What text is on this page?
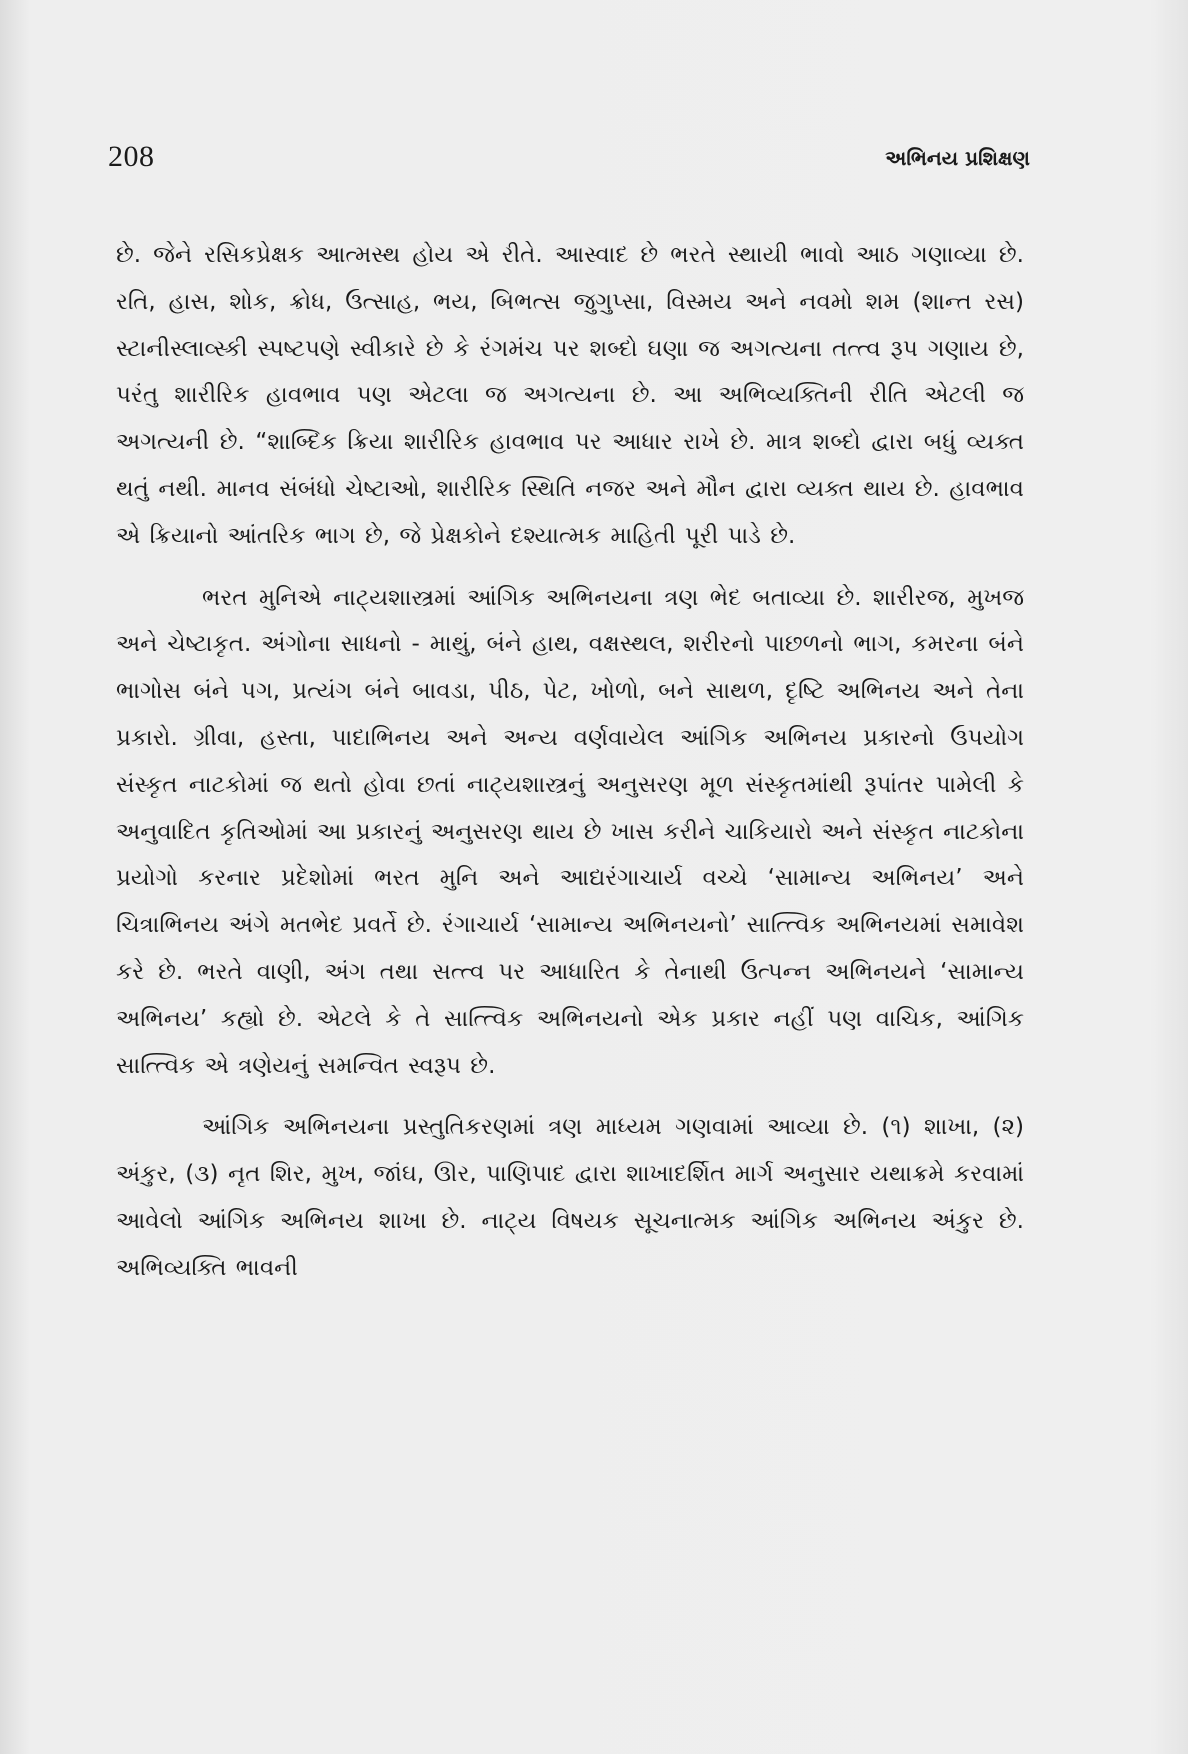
208	અભિનય પ્રશિક્ષણ

છે. જેને રસિકપ્રેક્ષક આત્મસ્થ હોય એ રીતે. આસ્વાદ છે ભરતે સ્થાયી ભાવો આઠ ગણાવ્યા છે. રતિ, હાસ, શોક, ક્રોધ, ઉત્સાહ, ભય, બિભત્સ જુગુપ્સા, વિસ્મય અને નવમો શમ (શાન્ત રસ) સ્ટાનીસ્લાવ્સ્કી સ્પષ્ટપણે સ્વીકારે છે કે રંગમંચ પર શબ્દો ઘણા જ અગત્યના તત્ત્વ રૂપ ગણાય છે, પરંતુ શારીરિક હાવભાવ પણ એટલા જ અગત્યના છે. આ અભિવ્યક્તિની રીતિ એટલી જ અગત્યની છે. “શાબ્દિક ક્રિયા શારીરિક હાવભાવ પર આધાર રાખે છે. માત્ર શબ્દો દ્વારા બધું વ્યક્ત થતું નથી. માનવ સંબંધો ચેષ્ટાઓ, શારીરિક સ્થિતિ નજર અને મૌન દ્વારા વ્યક્ત થાય છે. હાવભાવ એ ક્રિયાનો આંતરિક ભાગ છે, જે પ્રેક્ષકોને દશ્યાત્મક માહિતી પૂરી પાડે છે.

ભરત મુનિએ નાટ્યશાસ્ત્રમાં આંગિક અભિનયના ત્રણ ભેદ બતાવ્યા છે. શારીરજ, મુખજ અને ચેષ્ટાકૃત. અંગોના સાધનો - માથું, બંને હાથ, વક્ષસ્થલ, શરીરનો પાછળનો ભાગ, કમરના બંને ભાગોસ બંને પગ, પ્રત્યંગ બંને બાવડા, પીઠ, પેટ, ખોળો, બને સાથળ, દૃષ્ટિ અભિનય અને તેના પ્રકારો. ગ્રીવા, હસ્તા, પાદાભિનય અને અન્ય વર્ણવાયેલ આંગિક અભિનય પ્રકારનો ઉપયોગ સંસ્કૃત નાટકોમાં જ થતો હોવા છતાં નાટ્યશાસ્ત્રનું અનુસરણ મૂળ સંસ્કૃતમાંથી રૂપાંતર પામેલી કે અનુવાદિત કૃતિઓમાં આ પ્રકારનું અનુસરણ થાય છે ખાસ કરીને ચાકિયારો અને સંસ્કૃત નાટકોના પ્રયોગો કરનાર પ્રદેશોમાં ભરત મુનિ અને આદ્યરંગાચાર્ય વચ્ચે ‘સામાન્ય અભિનય’ અને ચિત્રાભિનય અંગે મતભેદ પ્રવર્તે છે. રંગાચાર્ય ‘સામાન્ય અભિનયનો’ સાત્ત્વિક અભિનયમાં સમાવેશ કરે છે. ભરતે વાણી, અંગ તથા સત્ત્વ પર આધારિત કે તેનાથી ઉત્પન્ન અભિનયને ‘સામાન્ય અભિનય’ કહ્યો છે. એટલે કે તે સાત્ત્વિક અભિનયનો એક પ્રકાર નહીં પણ વાચિક, આંગિક સાત્ત્વિક એ ત્રણેયનું સમન્વિત સ્વરૂપ છે.

આંગિક અભિનયના પ્રસ્તુતિકરણમાં ત્રણ માધ્યમ ગણવામાં આવ્યા છે. (૧) શાખા, (૨) અંકુર, (૩) નૃત શિર, મુખ, જાંઘ, ઊર, પાણિપાદ દ્વારા શાખાદર્શિત માર્ગ અનુસાર યથાક્રમે કરવામાં આવેલો આંગિક અભિનય શાખા છે. નાટ્ય વિષયક સૂચનાત્મક આંગિક અભિનય અંકુર છે. અભિવ્યક્તિ ભાવની
